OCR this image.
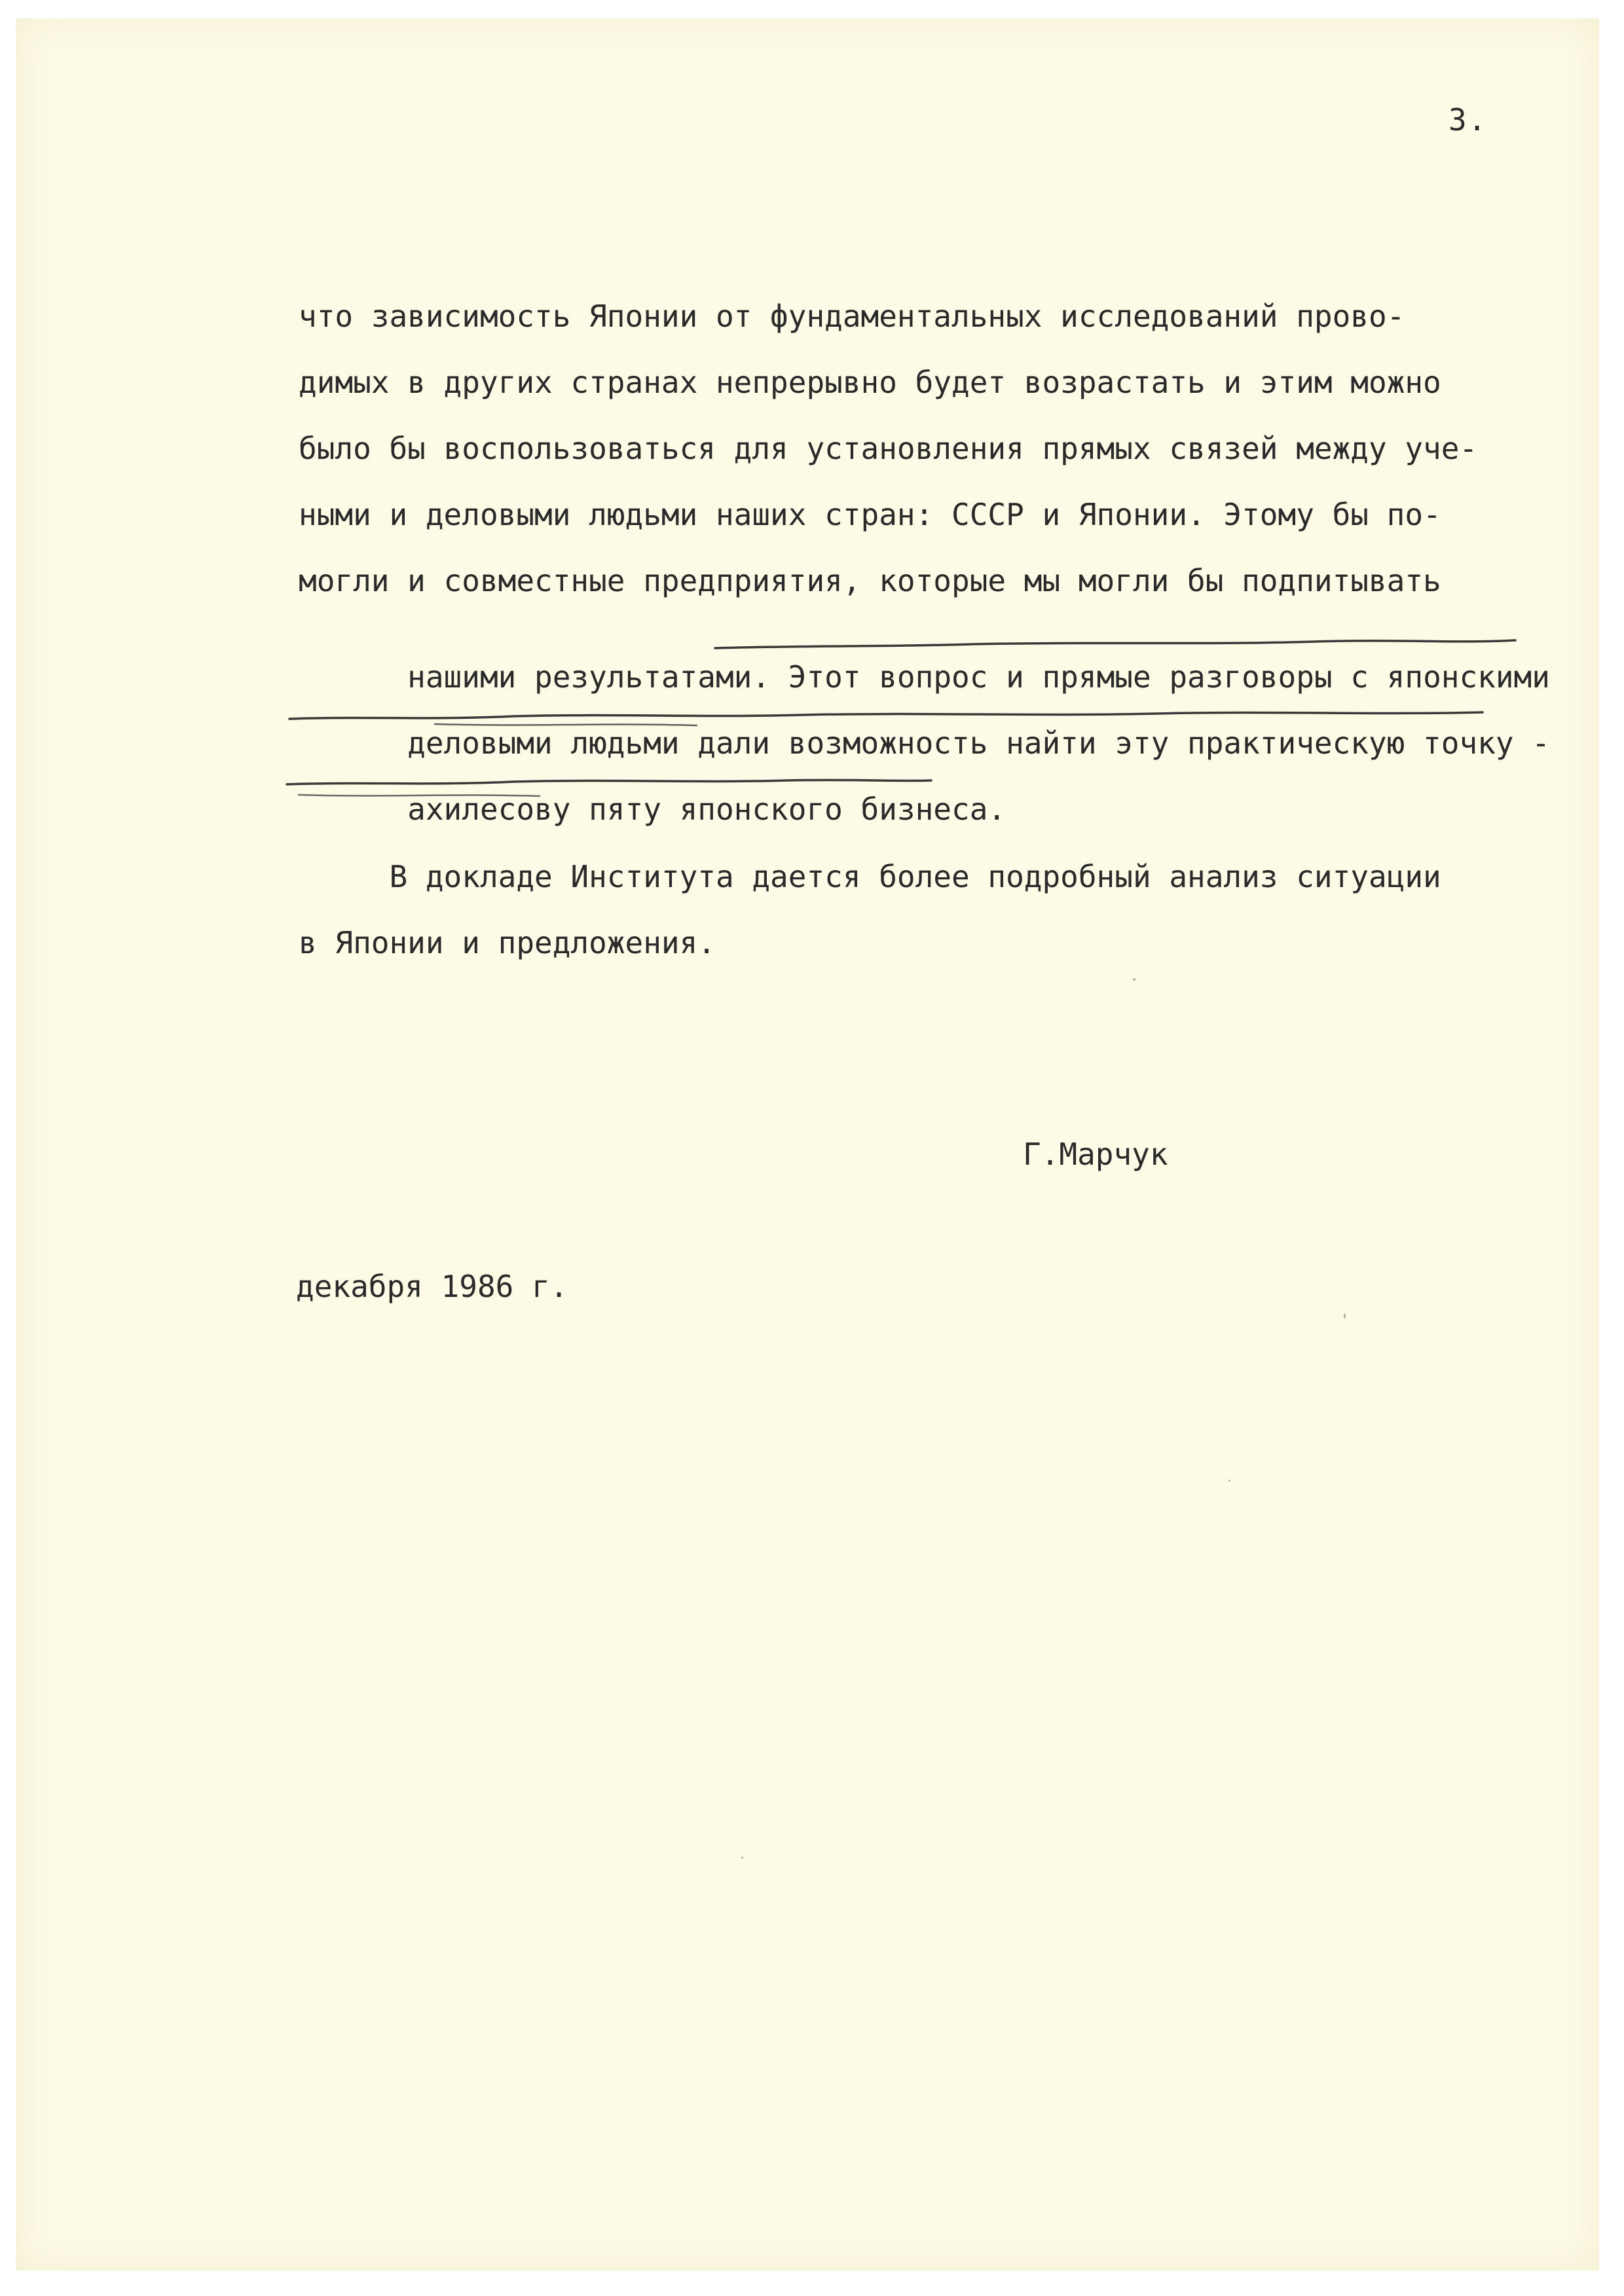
3.
что зависимость Японии от фундаментальных исследований прово-
димых в других странах непрерывно будет возрастать и этим можно
было бы воспользоваться для установления прямых связей между уче-
ными и деловыми людьми наших стран: СССР и Японии. Этому бы по-
могли и совместные предприятия, которые мы могли бы подпитывать

нашими результатами. Этот вопрос и прямые разговоры с японскими

деловыми людьми дали возможность найти эту практическую точку -

ахилесову пяту японского бизнеса.

В докладе Института дается более подробный анализ ситуации
в Японии и предложения.
Г.Марчук
декабря 1986 г.
